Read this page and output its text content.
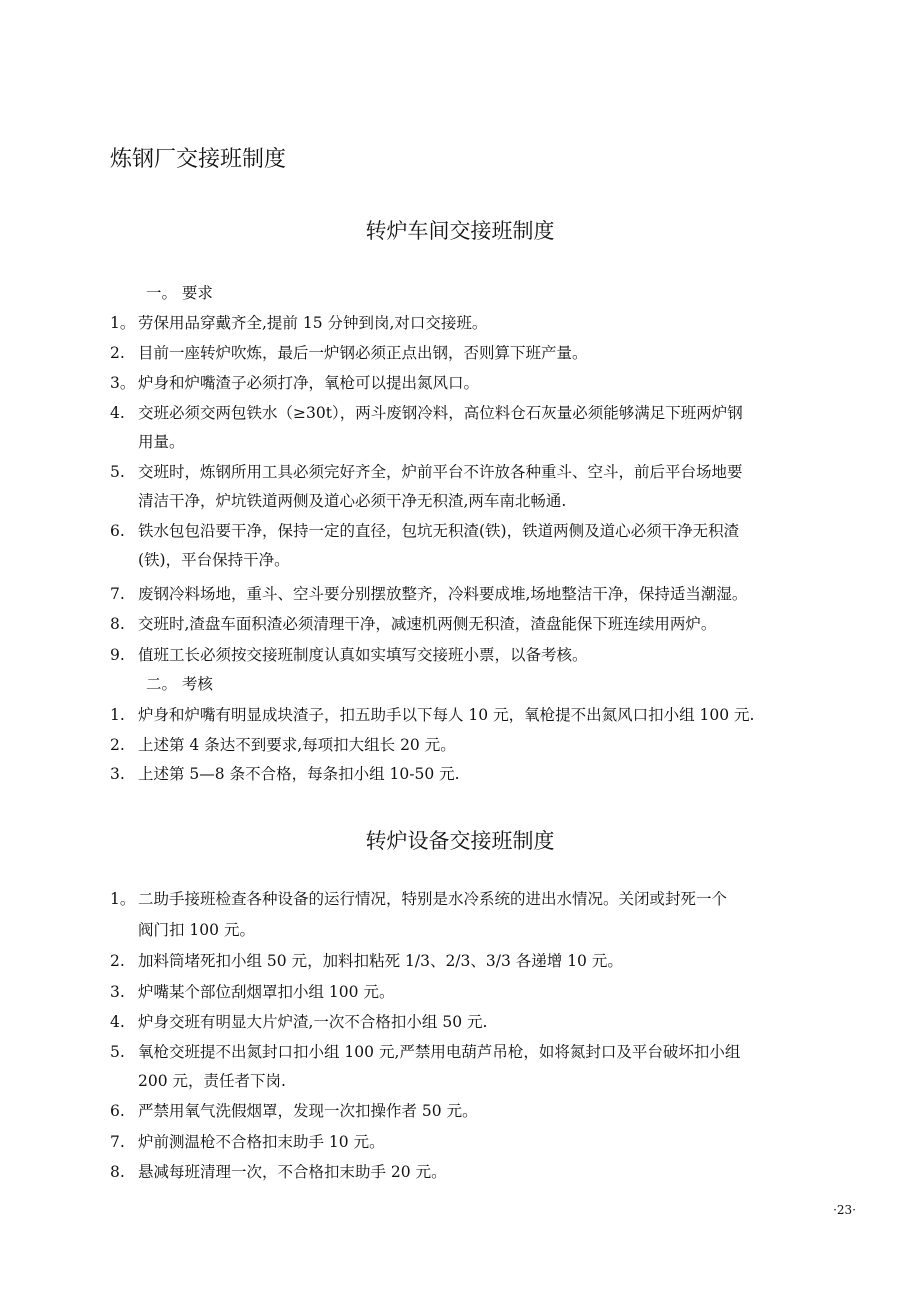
炼钢厂交接班制度
转炉车间交接班制度
一。 要求
1。 劳保用品穿戴齐全,提前 15 分钟到岗,对口交接班。
2. 目前一座转炉吹炼，最后一炉钢必须正点出钢，否则算下班产量。
3。 炉身和炉嘴渣子必须打净，氧枪可以提出氮风口。
4. 交班必须交两包铁水（≥30t），两斗废钢冷料，高位料仓石灰量必须能够满足下班两炉钢
用量。
5. 交班时，炼钢所用工具必须完好齐全，炉前平台不许放各种重斗、空斗，前后平台场地要
清洁干净，炉坑铁道两侧及道心必须干净无积渣,两车南北畅通.
6. 铁水包包沿要干净，保持一定的直径，包坑无积渣(铁)，铁道两侧及道心必须干净无积渣
(铁)，平台保持干净。
7. 废钢冷料场地，重斗、空斗要分别摆放整齐，冷料要成堆,场地整洁干净，保持适当潮湿。
8. 交班时,渣盘车面积渣必须清理干净，减速机两侧无积渣，渣盘能保下班连续用两炉。
9. 值班工长必须按交接班制度认真如实填写交接班小票，以备考核。
二。 考核
1. 炉身和炉嘴有明显成块渣子，扣五助手以下每人 10 元，氧枪提不出氮风口扣小组 100 元.
2. 上述第 4 条达不到要求,每项扣大组长 20 元。
3. 上述第 5—8 条不合格，每条扣小组 10-50 元.
转炉设备交接班制度
1。 二助手接班检查各种设备的运行情况，特别是水冷系统的进出水情况。关闭或封死一个
阀门扣 100 元。
2. 加料筒堵死扣小组 50 元，加料扣粘死 1/3、2/3、3/3 各递增 10 元。
3. 炉嘴某个部位刮烟罩扣小组 100 元。
4. 炉身交班有明显大片炉渣,一次不合格扣小组 50 元.
5. 氧枪交班提不出氮封口扣小组 100 元,严禁用电葫芦吊枪，如将氮封口及平台破坏扣小组
200 元，责任者下岗.
6. 严禁用氧气洗假烟罩，发现一次扣操作者 50 元。
7. 炉前测温枪不合格扣末助手 10 元。
8. 悬减每班清理一次，不合格扣末助手 20 元。
·23·
